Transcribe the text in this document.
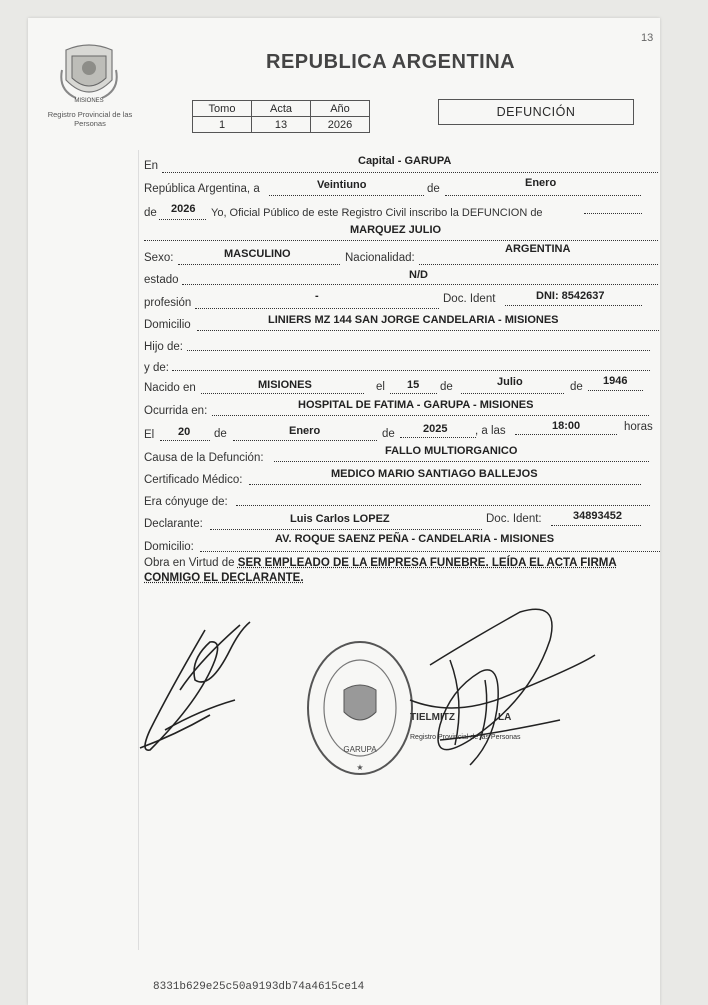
13
MISIONES
Registro Provincial de las Personas
REPUBLICA ARGENTINA
Tomo	Acta	Año
1	13	2026
DEFUNCIÓN
En	Capital - GARUPA
República Argentina, a	Veintiuno	de	Enero
de 2026 Yo, Oficial Público de este Registro Civil inscribo la DEFUNCION de
MARQUEZ JULIO
Sexo:	MASCULINO	Nacionalidad:
ARGENTINA
estado	N/D
profesión
-	Doc. Ident	DNI: 8542637
Domicilio	LINIERS MZ 144 SAN JORGE CANDELARIA - MISIONES
Hijo de:
y de:
Nacido en	MISIONES	el 15 de	Julio	de 1946
Ocurrida en:	HOSPITAL DE FATIMA - GARUPA - MISIONES
El 20 de	Enero	de	2025 , a las	18:00	horas
Causa de la Defunción:
FALLO MULTIORGANICO
Certificado Médico:	MEDICO MARIO SANTIAGO BALLEJOS
Era cónyuge de:
Declarante:	Luis Carlos LOPEZ	Doc. Ident:	34893452
Domicilio:
AV. ROQUE SAENZ PEÑA - CANDELARIA - MISIONES
Obra en Virtud de SER EMPLEADO DE LA EMPRESA FUNEBRE. LEÍDA EL ACTA FIRMA CONMIGO EL DECLARANTE.
GARUPA
★
TIELMITZ	LA
Registro Provincial de las Personas
8331b629e25c50a9193db74a4615ce14
